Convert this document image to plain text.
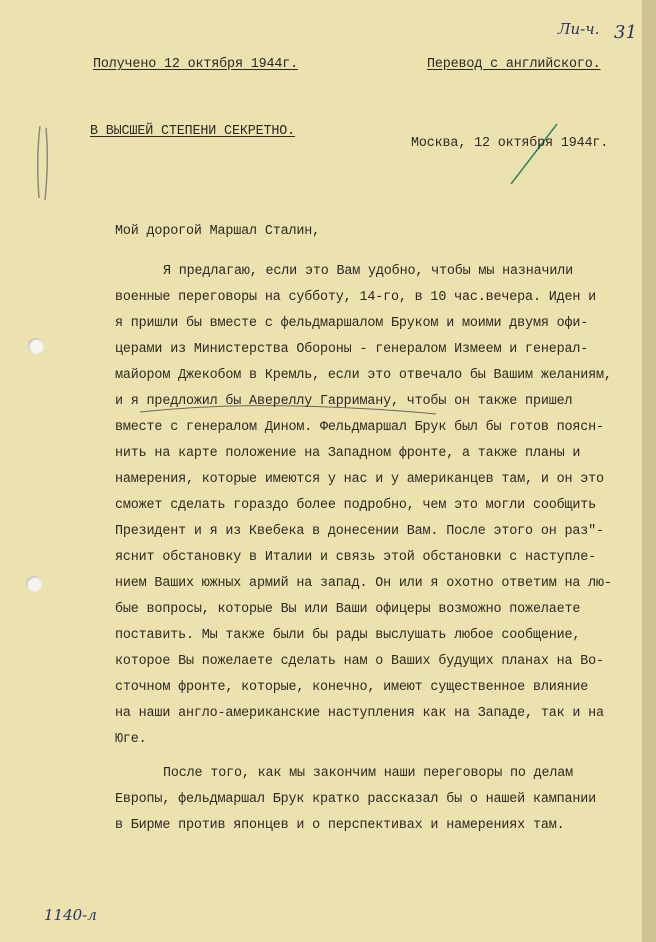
Ли-ч. 31
1140-л
Получено 12 октября 1944г.	Перевод с английского.
В ВЫСШЕЙ СТЕПЕНИ СЕКРЕТНО.
Москва, 12 октября 1944г.
Мой дорогой Маршал Сталин,
Я предлагаю, если это Вам удобно, чтобы мы назначили
военные переговоры на субботу, 14-го, в 10 час.вечера. Иден и
я пришли бы вместе с фельдмаршалом Бруком и моими двумя офи-
церами из Министерства Обороны - генералом Измеем и генерал-
майором Джекобом в Кремль, если это отвечало бы Вашим желаниям,
и я предложил бы Авереллу Гарриману, чтобы он также пришел
вместе с генералом Дином. Фельдмаршал Брук был бы готов поясн-
нить на карте положение на Западном фронте, а также планы и
намерения, которые имеются у нас и у американцев там, и он это
сможет сделать гораздо более подробно, чем это могли сообщить
Президент и я из Квебека в донесении Вам. После этого он раз"-
яснит обстановку в Италии и связь этой обстановки с наступле-
нием Ваших южных армий на запад. Он или я охотно ответим на лю-
бые вопросы, которые Вы или Ваши офицеры возможно пожелаете
поставить. Мы также были бы рады выслушать любое сообщение,
которое Вы пожелаете сделать нам о Ваших будущих планах на Во-
сточном фронте, которые, конечно, имеют существенное влияние
на наши англо-американские наступления как на Западе, так и на
Юге.
После того, как мы закончим наши переговоры по делам
Европы, фельдмаршал Брук кратко рассказал бы о нашей кампании
в Бирме против японцев и о перспективах и намерениях там.
